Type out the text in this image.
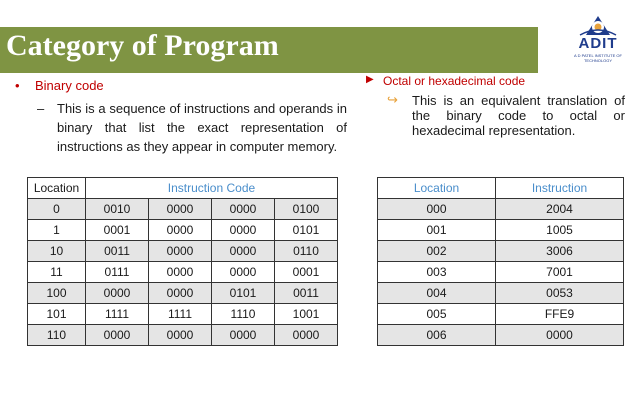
Category of Program	ADIT
A D PATEL INSTITUTE OF TECHNOLOGY
• Binary code
– This is a sequence of instructions and operands in binary that list the exact representation of instructions as they appear in computer memory.
▶ Octal or hexadecimal code
↪ This is an equivalent translation of the binary code to octal or hexadecimal representation.
Location	Instruction Code			
0	0010	0000	0000	0100
1	0001	0000	0000	0101
10	0011	0000	0000	0110
11	0111	0000	0000	0001
100	0000	0000	0101	0011
101	1111	1111	1110	1001
110	0000	0000	0000	0000
Location	Instruction
000	2004
001	1005
002	3006
003	7001
004	0053
005	FFE9
006	0000
